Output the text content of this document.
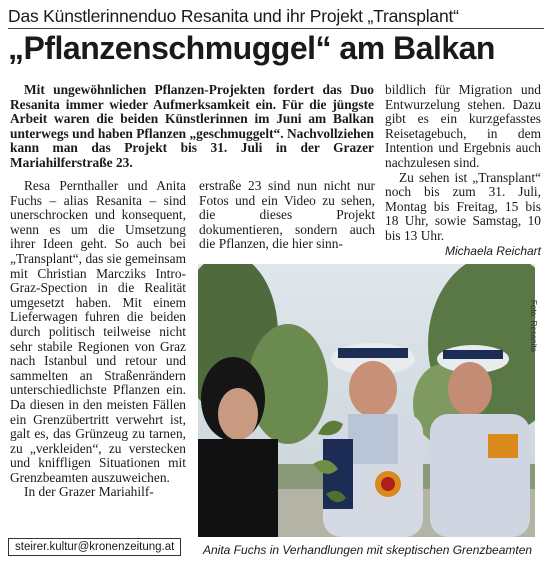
Das Künstlerinnenduo Resanita und ihr Projekt „Transplant“
„Pflanzenschmuggel“ am Balkan
Mit ungewöhnlichen Pflanzen-Projekten fordert das Duo Resanita immer wieder Aufmerksamkeit ein. Für die jüngste Arbeit waren die beiden Künstlerinnen im Juni am Balkan unterwegs und haben Pflanzen „geschmuggelt“. Nachvollziehen kann man das Projekt bis 31. Juli in der Grazer Mariahilferstraße 23.

bildlich für Migration und Entwurzelung stehen. Dazu gibt es ein kurzgefasstes Reisetagebuch, in dem Intention und Ergebnis auch nachzulesen sind.

Zu sehen ist „Transplant“ noch bis zum 31. Juli, Montag bis Freitag, 15 bis 18 Uhr, sowie Samstag, 10 bis 13 Uhr.

Michaela Reichart

Resa Pernthaller und Anita Fuchs – alias Resanita – sind unerschrocken und konsequent, wenn es um die Umsetzung ihrer Ideen geht. So auch bei „Transplant“, das sie gemeinsam mit Christian Marcziks Intro-Graz-Spection in die Realität umgesetzt haben. Mit einem Lieferwagen fuhren die beiden durch politisch teilweise nicht sehr stabile Regionen von Graz nach Istanbul und retour und sammelten an Straßenrändern unterschiedlichste Pflanzen ein. Da diesen in den meisten Fällen ein Grenzübertritt verwehrt ist, galt es, das Grünzeug zu tarnen, zu „verkleiden“, zu verstecken und kniffligen Situationen mit Grenzbeamten auszuweichen.

In der Grazer Mariahilf-

erstraße 23 sind nun nicht nur Fotos und ein Video zu sehen, die dieses Projekt dokumentieren, sondern auch die Pflanzen, die hier sinn-
Foto: Resanita
steirer.kultur@kronenzeitung.at	Anita Fuchs in Verhandlungen mit skeptischen Grenzbeamten
